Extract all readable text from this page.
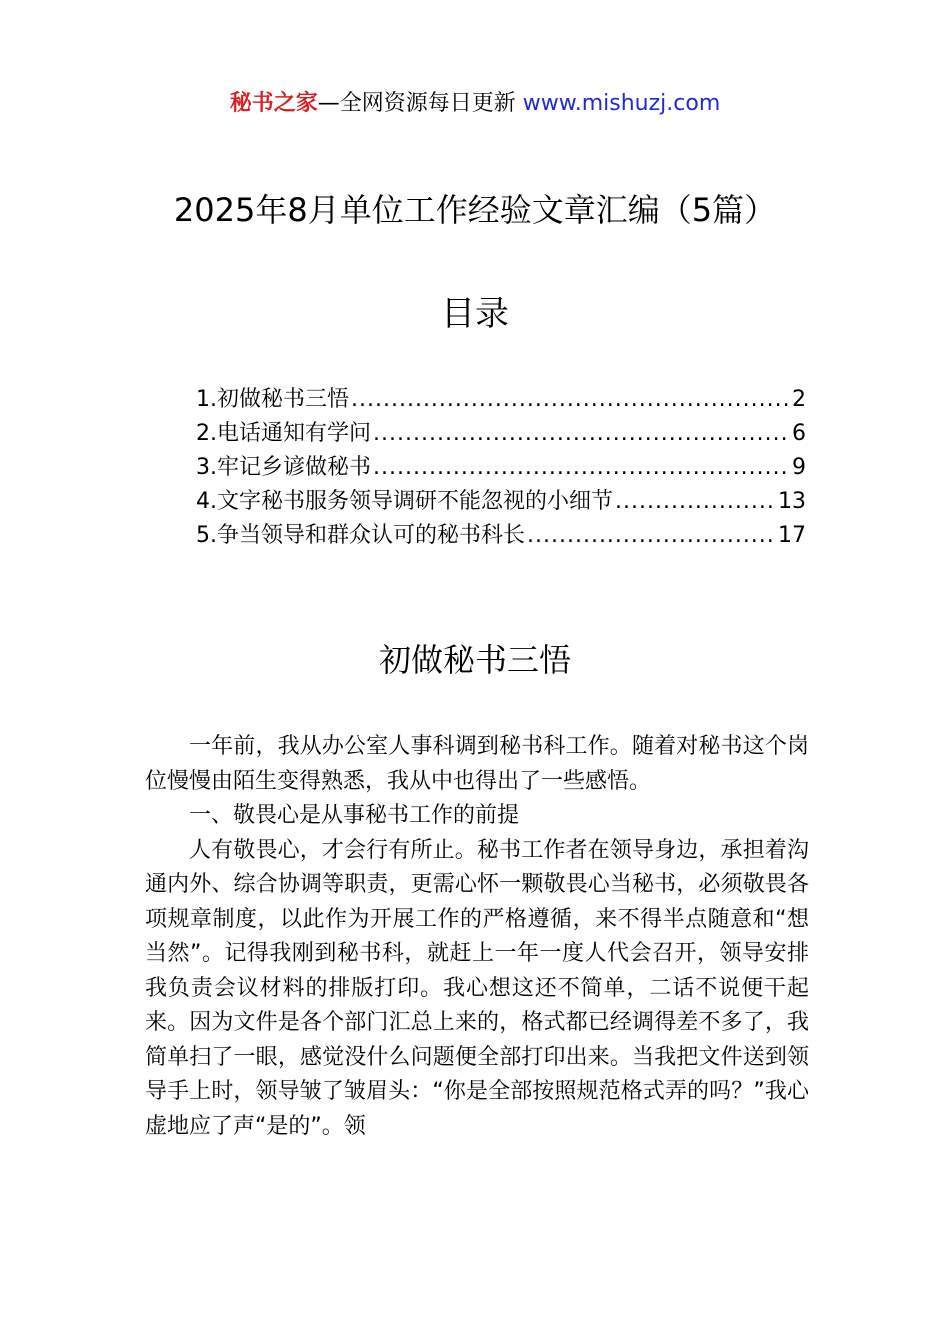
秘书之家—全网资源每日更新 www.mishuzj.com
2025年8月单位工作经验文章汇编（5篇）
目录
1.初做秘书三悟 .....	2
2.电话通知有学问 .....	6
3.牢记乡谚做秘书 .....	9
4.文字秘书服务领导调研不能忽视的小细节 .....	13
5.争当领导和群众认可的秘书科长 .....	17
初做秘书三悟

一年前，我从办公室人事科调到秘书科工作。随着对秘书这个岗位慢慢由陌生变得熟悉，我从中也得出了一些感悟。

一、敬畏心是从事秘书工作的前提

人有敬畏心，才会行有所止。秘书工作者在领导身边，承担着沟通内外、综合协调等职责，更需心怀一颗敬畏心当秘书，必须敬畏各项规章制度，以此作为开展工作的严格遵循，来不得半点随意和“想当然”。记得我刚到秘书科，就赶上一年一度人代会召开，领导安排我负责会议材料的排版打印。我心想这还不简单，二话不说便干起来。因为文件是各个部门汇总上来的，格式都已经调得差不多了，我简单扫了一眼，感觉没什么问题便全部打印出来。当我把文件送到领导手上时，领导皱了皱眉头：“你是全部按照规范格式弄的吗？”我心虚地应了声“是的”。领
